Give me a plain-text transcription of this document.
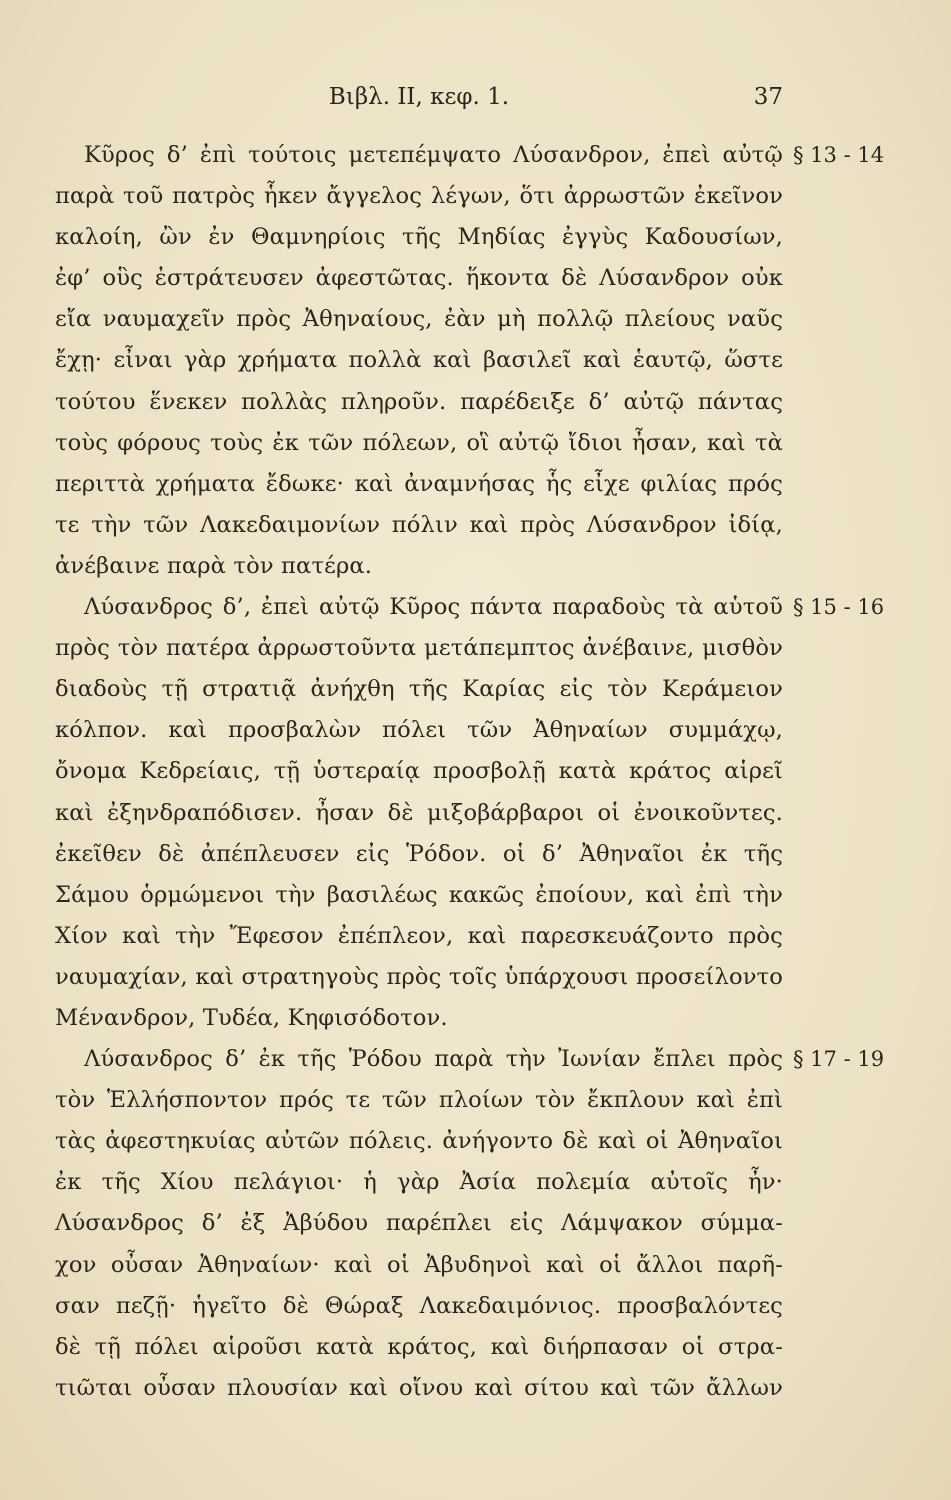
Βιβλ. ΙΙ, κεφ. 1.	37
Κῦρος δ’ ἐπὶ τούτοις μετεπέμψατο Λύσανδρον, ἐπεὶ αὐτῷ
παρὰ τοῦ πατρὸς ἧκεν ἄγγελος λέγων, ὅτι ἀρρωστῶν ἐκεῖνον
καλοίη, ὢν ἐν Θαμνηρίοις τῆς Μηδίας ἐγγὺς Καδουσίων,
ἐφ’ οὓς ἐστράτευσεν ἀφεστῶτας. ἥκοντα δὲ Λύσανδρον οὐκ
εἴα ναυμαχεῖν πρὸς Ἀθηναίους, ἐὰν μὴ πολλῷ πλείους ναῦς
ἔχῃ· εἶναι γὰρ χρήματα πολλὰ καὶ βασιλεῖ καὶ ἑαυτῷ, ὥστε
τούτου ἕνεκεν πολλὰς πληροῦν. παρέδειξε δ’ αὐτῷ πάντας
τοὺς φόρους τοὺς ἐκ τῶν πόλεων, οἳ αὐτῷ ἴδιοι ἦσαν, καὶ τὰ
περιττὰ χρήματα ἔδωκε· καὶ ἀναμνήσας ἧς εἶχε φιλίας πρός
τε τὴν τῶν Λακεδαιμονίων πόλιν καὶ πρὸς Λύσανδρον ἰδίᾳ,
ἀνέβαινε παρὰ τὸν πατέρα.
Λύσανδρος δ’, ἐπεὶ αὐτῷ Κῦρος πάντα παραδοὺς τὰ αὑτοῦ
πρὸς τὸν πατέρα ἀρρωστοῦντα μετάπεμπτος ἀνέβαινε, μισθὸν
διαδοὺς τῇ στρατιᾷ ἀνήχθη τῆς Καρίας εἰς τὸν Κεράμειον
κόλπον. καὶ προσβαλὼν πόλει τῶν Ἀθηναίων συμμάχῳ,
ὄνομα Κεδρείαις, τῇ ὑστεραίᾳ προσβολῇ κατὰ κράτος αἱρεῖ
καὶ ἐξηνδραπόδισεν. ἦσαν δὲ μιξοβάρβαροι οἱ ἐνοικοῦντες.
ἐκεῖθεν δὲ ἀπέπλευσεν εἰς Ῥόδον. οἱ δ’ Ἀθηναῖοι ἐκ τῆς
Σάμου ὁρμώμενοι τὴν βασιλέως κακῶς ἐποίουν, καὶ ἐπὶ τὴν
Χίον καὶ τὴν Ἔφεσον ἐπέπλεον, καὶ παρεσκευάζοντο πρὸς
ναυμαχίαν, καὶ στρατηγοὺς πρὸς τοῖς ὑπάρχουσι προσείλοντο
Μένανδρον, Τυδέα, Κηφισόδοτον.
Λύσανδρος δ’ ἐκ τῆς Ῥόδου παρὰ τὴν Ἰωνίαν ἔπλει πρὸς
τὸν Ἑλλήσποντον πρός τε τῶν πλοίων τὸν ἔκπλουν καὶ ἐπὶ
τὰς ἀφεστηκυίας αὐτῶν πόλεις. ἀνήγοντο δὲ καὶ οἱ Ἀθηναῖοι
ἐκ τῆς Χίου πελάγιοι· ἡ γὰρ Ἀσία πολεμία αὐτοῖς ἦν·
Λύσανδρος δ’ ἐξ Ἀβύδου παρέπλει εἰς Λάμψακον σύμμα-
χον οὖσαν Ἀθηναίων· καὶ οἱ Ἀβυδηνοὶ καὶ οἱ ἄλλοι παρῆ-
σαν πεζῇ· ἡγεῖτο δὲ Θώραξ Λακεδαιμόνιος. προσβαλόντες
δὲ τῇ πόλει αἱροῦσι κατὰ κράτος, καὶ διήρπασαν οἱ στρα-
τιῶται οὖσαν πλουσίαν καὶ οἴνου καὶ σίτου καὶ τῶν ἄλλων
§ 13 - 14
§ 15 - 16
§ 17 - 19
